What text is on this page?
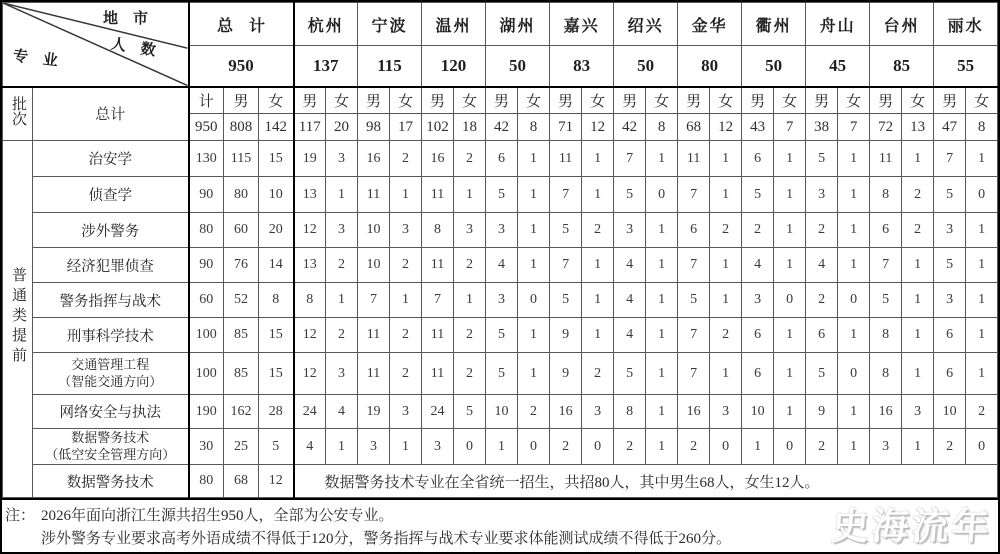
地　市
人　数
专　业		总　计			杭州		宁波		温州		湖州		嘉兴		绍兴		金华		衢州		舟山		台州		丽水	
		950			137		115		120		50		83		50		80		50		45		85		55	
批次	总计	计	男	女	男	女	男	女	男	女	男	女	男	女	男	女	男	女	男	女	男	女	男	女	男	女
		950	808	142	117	20	98	17	102	18	42	8	71	12	42	8	68	12	43	7	38	7	72	13	47	8
普通类提前	治安学	130	115	15	19	3	16	2	16	2	6	1	11	1	7	1	11	1	6	1	5	1	11	1	7	1

	侦查学	90	80	10	13	1	11	1	11	1	5	1	7	1	5	0	7	1	5	1	3	1	8	2	5	0

	涉外警务	80	60	20	12	3	10	3	8	3	3	1	5	2	3	1	6	2	2	1	2	1	6	2	3	1

	经济犯罪侦查	90	76	14	13	2	10	2	11	2	4	1	7	1	4	1	7	1	4	1	4	1	7	1	5	1

	警务指挥与战术	60	52	8	8	1	7	1	7	1	3	0	5	1	4	1	5	1	3	0	2	0	5	1	3	1

	刑事科学技术	100	85	15	12	2	11	2	11	2	5	1	9	1	4	1	7	2	6	1	6	1	8	1	6	1

	交通管理工程
（智能交通方向）	100	85	15	12	3	11	2	11	2	5	1	9	2	5	1	7	1	6	1	5	0	8	1	6	1

	网络安全与执法	190	162	28	24	4	19	3	24	5	10	2	16	3	8	1	16	3	10	1	9	1	16	3	10	2

	数据警务技术
（低空安全管理方向）	30	25	5	4	1	3	1	3	0	1	0	2	0	2	1	2	0	1	0	2	1	3	1	2	0

	数据警务技术	80	68	12	数据警务技术专业在全省统一招生，共招80人，其中男生68人，女生12人。																					
注： 2026年面向浙江生源共招生950人，全部为公安专业。
涉外警务专业要求高考外语成绩不得低于120分，警务指挥与战术专业要求体能测试成绩不得低于260分。	史海流年
